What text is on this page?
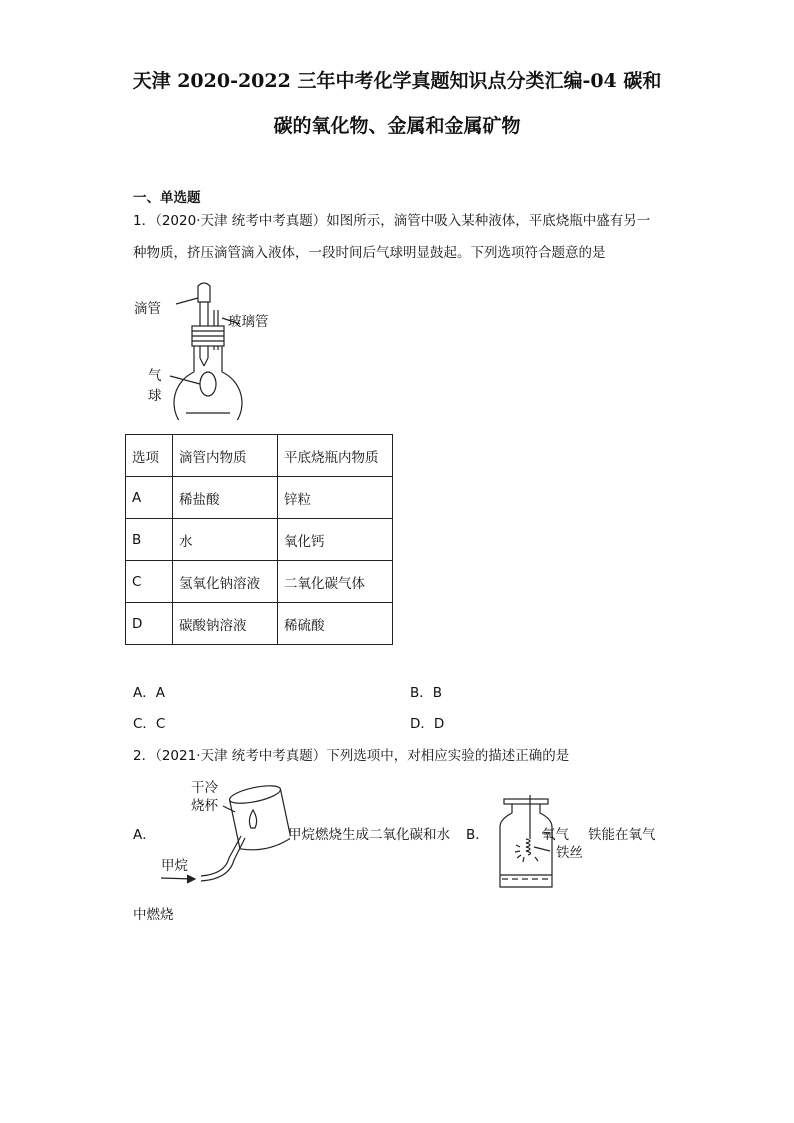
天津 2020-2022 三年中考化学真题知识点分类汇编-04 碳和
碳的氧化物、金属和金属矿物
一、单选题
1．（2020·天津 统考中考真题）如图所示，滴管中吸入某种液体，平底烧瓶中盛有另一
种物质，挤压滴管滴入液体，一段时间后气球明显鼓起。下列选项符合题意的是
滴管
玻璃管
气
球
选项	滴管内物质	平底烧瓶内物质
A	稀盐酸	锌粒
B	水	氧化钙
C	氢氧化钠溶液	二氧化碳气体
D	碳酸钠溶液	稀硫酸
A．A	B．B
C．C	D．D
2．（2021·天津 统考中考真题）下列选项中，对相应实验的描述正确的是
A．
干冷
烧杯
甲烷
甲烷燃烧生成二氧化碳和水 B．	氧气 铁能在氧气
铁丝
中燃烧
